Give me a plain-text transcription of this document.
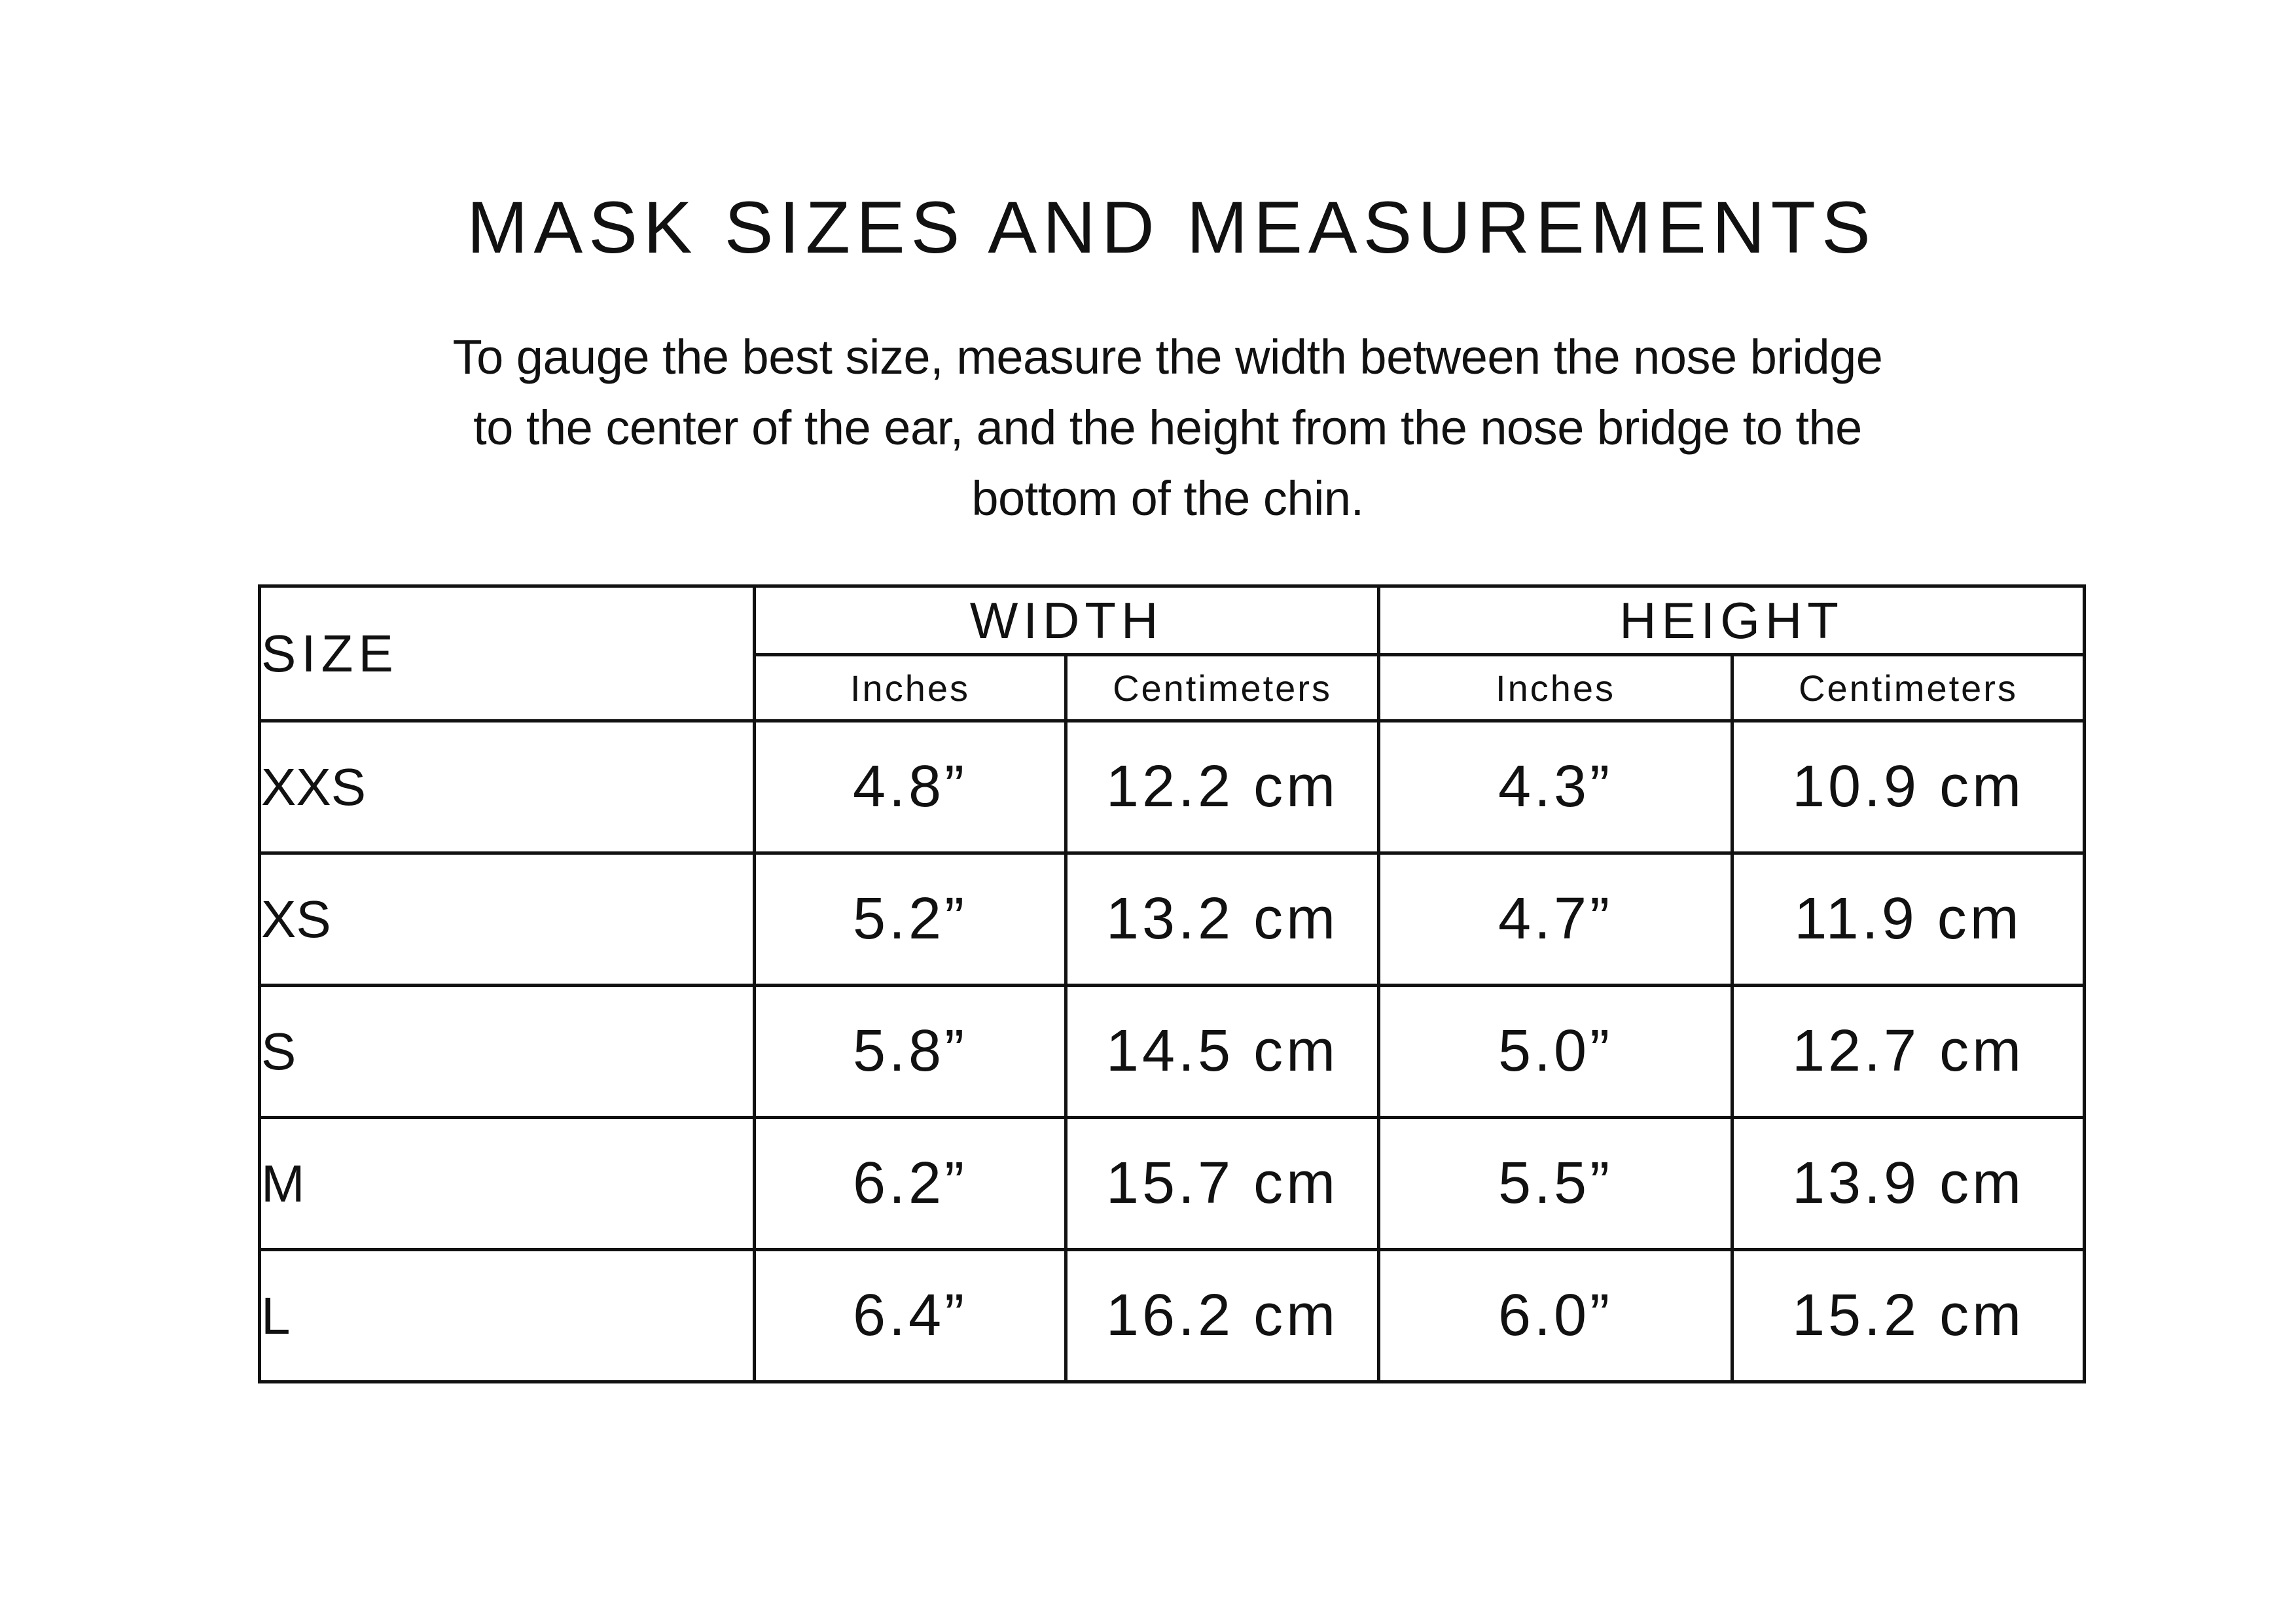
MASK SIZES AND MEASUREMENTS

To gauge the best size, measure the width between the nose bridge
to the center of the ear, and the height from the nose bridge to the
bottom of the chin.

SIZE	WIDTH		HEIGHT	
	Inches	Centimeters	Inches	Centimeters
XXS	4.8”	12.2 cm	4.3”	10.9 cm
XS	5.2”	13.2 cm	4.7”	11.9 cm
S	5.8”	14.5 cm	5.0”	12.7 cm
M	6.2”	15.7 cm	5.5”	13.9 cm
L	6.4”	16.2 cm	6.0”	15.2 cm
